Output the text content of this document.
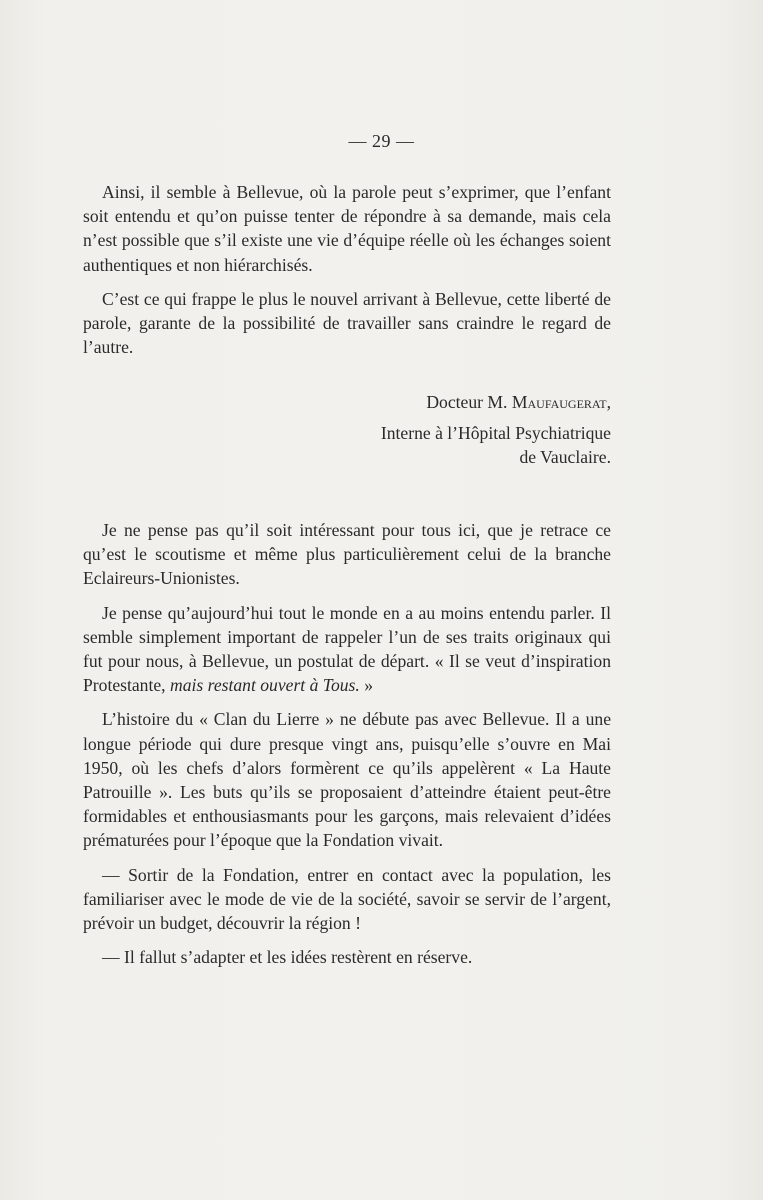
— 29 —

Ainsi, il semble à Bellevue, où la parole peut s’exprimer, que l’enfant soit entendu et qu’on puisse tenter de répondre à sa demande, mais cela n’est possible que s’il existe une vie d’équipe réelle où les échanges soient authentiques et non hiérarchisés.

C’est ce qui frappe le plus le nouvel arrivant à Bellevue, cette liberté de parole, garante de la possibilité de travailler sans craindre le regard de l’autre.

Docteur M. Maufaugerat,
Interne à l’Hôpital Psychiatrique
de Vauclaire.

Je ne pense pas qu’il soit intéressant pour tous ici, que je retrace ce qu’est le scoutisme et même plus particulièrement celui de la branche Eclaireurs-Unionistes.

Je pense qu’aujourd’hui tout le monde en a au moins entendu parler. Il semble simplement important de rappeler l’un de ses traits originaux qui fut pour nous, à Bellevue, un postulat de départ. « Il se veut d’inspiration Protestante, mais restant ouvert à Tous. »

L’histoire du « Clan du Lierre » ne débute pas avec Bellevue. Il a une longue période qui dure presque vingt ans, puisqu’elle s’ouvre en Mai 1950, où les chefs d’alors formèrent ce qu’ils appelèrent « La Haute Patrouille ». Les buts qu’ils se proposaient d’atteindre étaient peut-être formidables et enthousiasmants pour les garçons, mais relevaient d’idées prématurées pour l’époque que la Fondation vivait.

— Sortir de la Fondation, entrer en contact avec la population, les familiariser avec le mode de vie de la société, savoir se servir de l’argent, prévoir un budget, découvrir la région !

— Il fallut s’adapter et les idées restèrent en réserve.
